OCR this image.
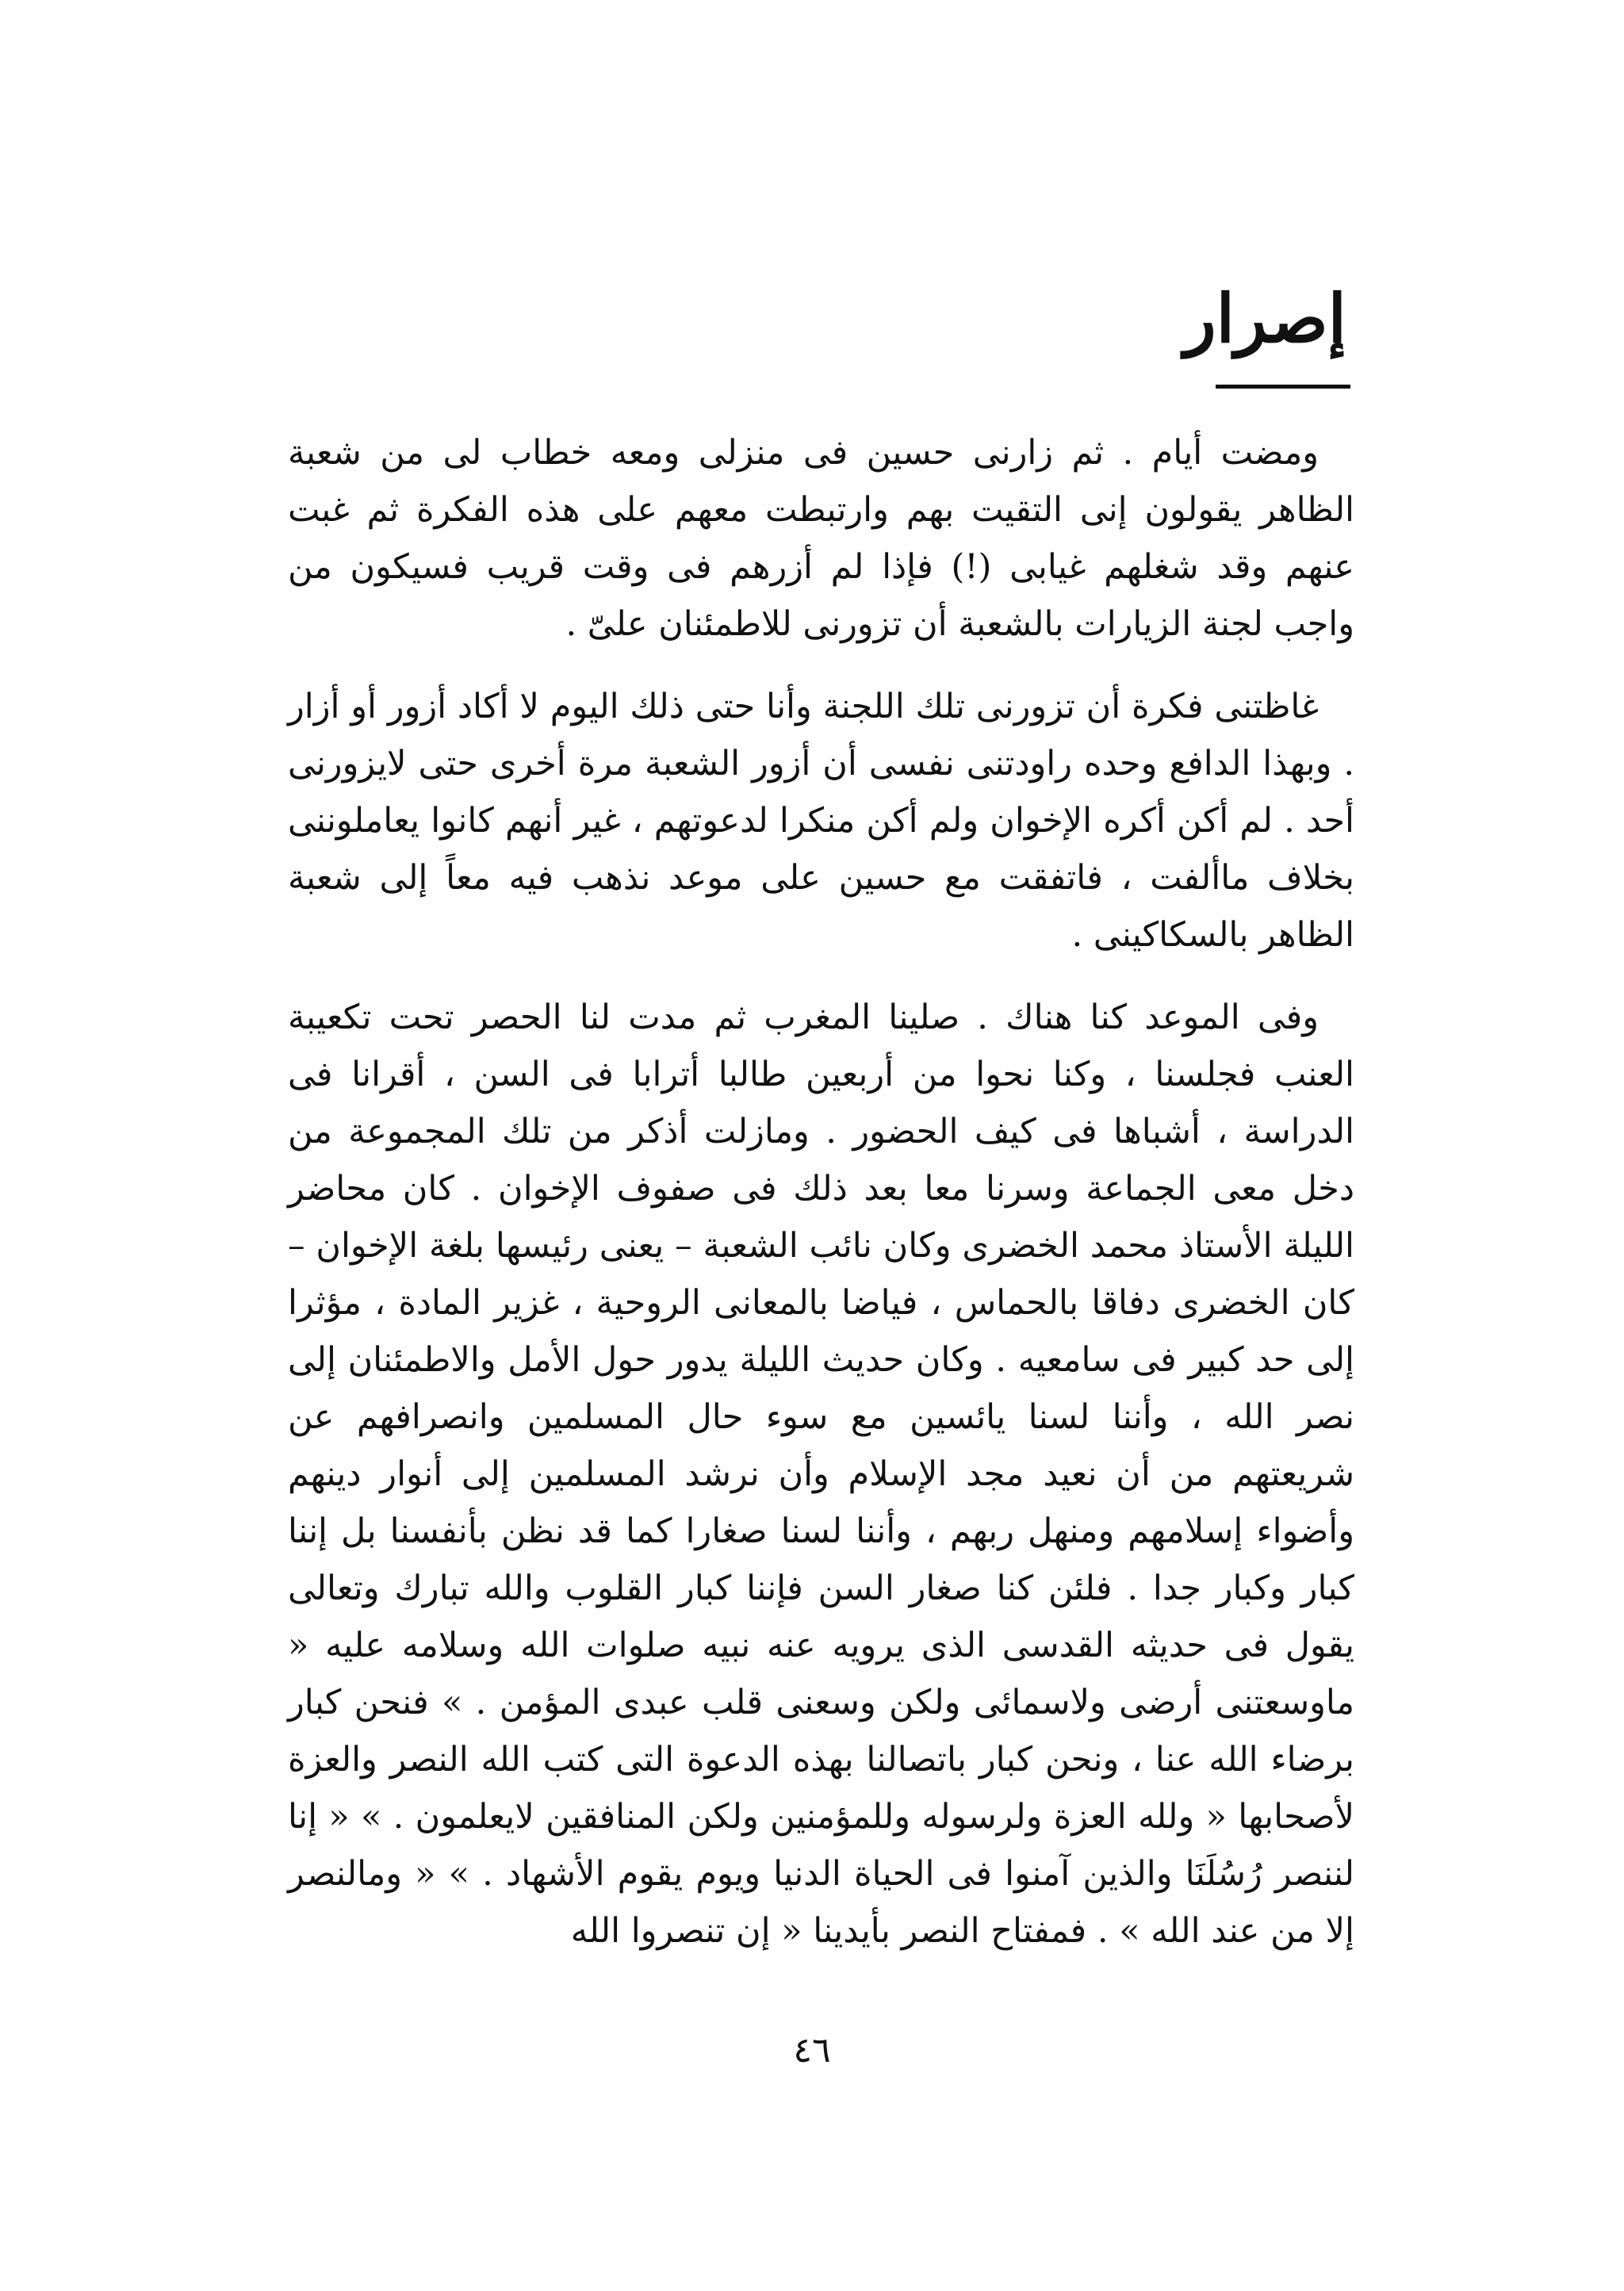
إصرار

ومضت أيام . ثم زارنى حسين فى منزلى ومعه خطاب لى من شعبة الظاهر يقولون إنى التقيت بهم وارتبطت معهم على هذه الفكرة ثم غبت عنهم وقد شغلهم غيابى (!) فإذا لم أزرهم فى وقت قريب فسيكون من واجب لجنة الزيارات بالشعبة أن تزورنى للاطمئنان علىّ .

غاظتنى فكرة أن تزورنى تلك اللجنة وأنا حتى ذلك اليوم لا أكاد أزور أو أزار . وبهذا الدافع وحده راودتنى نفسى أن أزور الشعبة مرة أخرى حتى لايزورنى أحد . لم أكن أكره الإخوان ولم أكن منكرا لدعوتهم ، غير أنهم كانوا يعاملوننى بخلاف ماألفت ، فاتفقت مع حسين على موعد نذهب فيه معاً إلى شعبة الظاهر بالسكاكينى .

وفى الموعد كنا هناك . صلينا المغرب ثم مدت لنا الحصر تحت تكعيبة العنب فجلسنا ، وكنا نحوا من أربعين طالبا أترابا فى السن ، أقرانا فى الدراسة ، أشباها فى كيف الحضور . ومازلت أذكر من تلك المجموعة من دخل معى الجماعة وسرنا معا بعد ذلك فى صفوف الإخوان . كان محاضر الليلة الأستاذ محمد الخضرى وكان نائب الشعبة – يعنى رئيسها بلغة الإخوان – كان الخضرى دفاقا بالحماس ، فياضا بالمعانى الروحية ، غزير المادة ، مؤثرا إلى حد كبير فى سامعيه . وكان حديث الليلة يدور حول الأمل والاطمئنان إلى نصر الله ، وأننا لسنا يائسين مع سوء حال المسلمين وانصرافهم عن شريعتهم من أن نعيد مجد الإسلام وأن نرشد المسلمين إلى أنوار دينهم وأضواء إسلامهم ومنهل ربهم ، وأننا لسنا صغارا كما قد نظن بأنفسنا بل إننا كبار وكبار جدا . فلئن كنا صغار السن فإننا كبار القلوب والله تبارك وتعالى يقول فى حديثه القدسى الذى يرويه عنه نبيه صلوات الله وسلامه عليه « ماوسعتنى أرضى ولاسمائى ولكن وسعنى قلب عبدى المؤمن . » فنحن كبار برضاء الله عنا ، ونحن كبار باتصالنا بهذه الدعوة التى كتب الله النصر والعزة لأصحابها « ولله العزة ولرسوله وللمؤمنين ولكن المنافقين لايعلمون . » « إنا لننصر رُسُلَنَا والذين آمنوا فى الحياة الدنيا ويوم يقوم الأشهاد . » « ومالنصر إلا من عند الله » . فمفتاح النصر بأيدينا « إن تنصروا الله

٤٦
